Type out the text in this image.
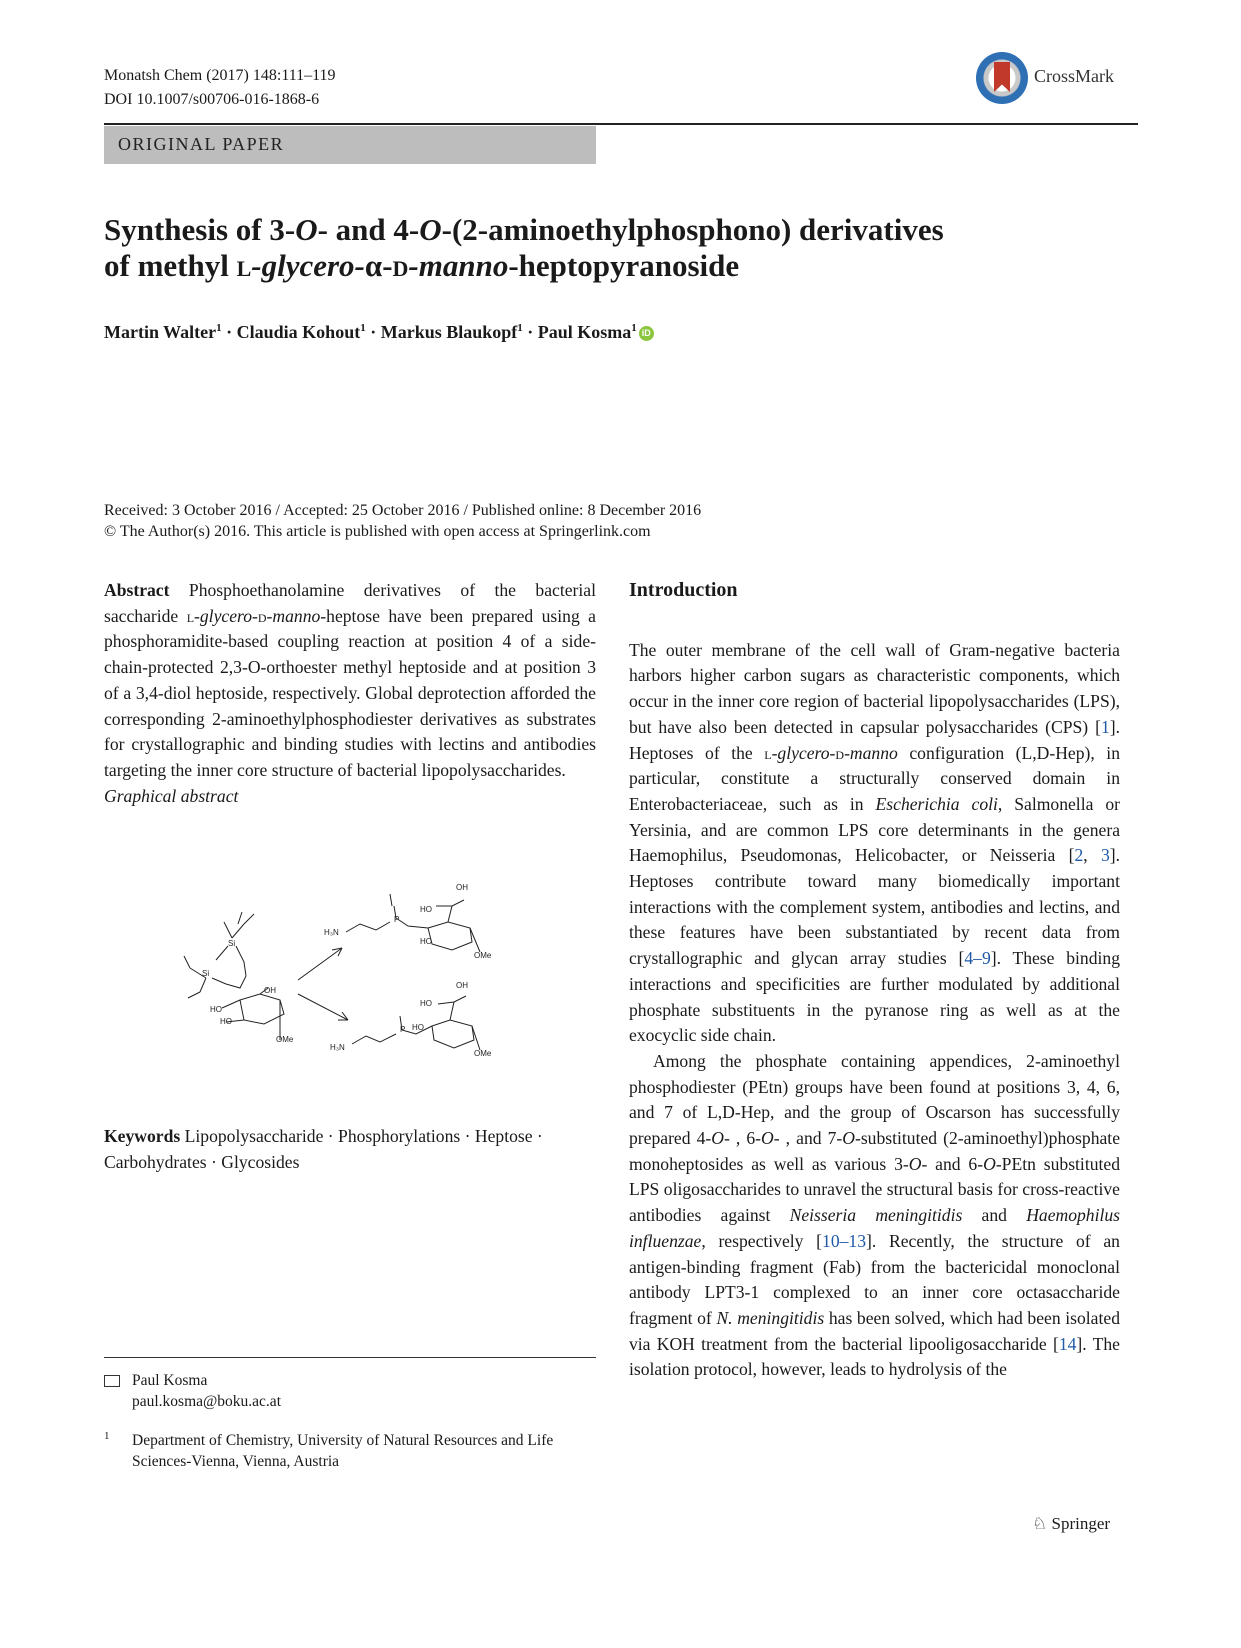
Monatsh Chem (2017) 148:111–119
DOI 10.1007/s00706-016-1868-6
CrossMark
ORIGINAL PAPER
Synthesis of 3-O- and 4-O-(2-aminoethylphosphono) derivatives
of methyl l-glycero-α-d-manno-heptopyranoside
Martin Walter$^1$ · Claudia Kohout$^1$ · Markus Blaukopf$^1$ · Paul Kosma$^1$ iD
Received: 3 October 2016 / Accepted: 25 October 2016 / Published online: 8 December 2016
© The Author(s) 2016. This article is published with open access at Springerlink.com

Abstract Phosphoethanolamine derivatives of the bacterial saccharide l-glycero-d-manno-heptose have been prepared using a phosphoramidite-based coupling reaction at position 4 of a side-chain-protected 2,3-O-orthoester methyl heptoside and at position 3 of a 3,4-diol heptoside, respectively. Global deprotection afforded the corresponding 2-aminoethylphosphodiester derivatives as substrates for crystallographic and binding studies with lectins and antibodies targeting the inner core structure of bacterial lipopolysaccharides.

Graphical abstract

Si
Si
OH
HO
HO
OMe
OH
HO
H₃N
P
HO
OMe
OH
HO
HO
H₃N
P
OMe
Keywords Lipopolysaccharide · Phosphorylations · Heptose · Carbohydrates · Glycosides
Paul Kosma
paul.kosma@boku.ac.at
1 Department of Chemistry, University of Natural Resources and Life Sciences-Vienna, Vienna, Austria
Introduction

The outer membrane of the cell wall of Gram-negative bacteria harbors higher carbon sugars as characteristic components, which occur in the inner core region of bacterial lipopolysaccharides (LPS), but have also been detected in capsular polysaccharides (CPS) [1]. Heptoses of the l-glycero-d-manno configuration (L,D-Hep), in particular, constitute a structurally conserved domain in Enterobacteriaceae, such as in Escherichia coli, Salmonella or Yersinia, and are common LPS core determinants in the genera Haemophilus, Pseudomonas, Helicobacter, or Neisseria [2, 3]. Heptoses contribute toward many biomedically important interactions with the complement system, antibodies and lectins, and these features have been substantiated by recent data from crystallographic and glycan array studies [4–9]. These binding interactions and specificities are further modulated by additional phosphate substituents in the pyranose ring as well as at the exocyclic side chain.

Among the phosphate containing appendices, 2-aminoethyl phosphodiester (PEtn) groups have been found at positions 3, 4, 6, and 7 of L,D-Hep, and the group of Oscarson has successfully prepared 4-O- , 6-O- , and 7-O-substituted (2-aminoethyl)phosphate monoheptosides as well as various 3-O- and 6-O-PEtn substituted LPS oligosaccharides to unravel the structural basis for cross-reactive antibodies against Neisseria meningitidis and Haemophilus influenzae, respectively [10–13]. Recently, the structure of an antigen-binding fragment (Fab) from the bactericidal monoclonal antibody LPT3-1 complexed to an inner core octasaccharide fragment of N. meningitidis has been solved, which had been isolated via KOH treatment from the bacterial lipooligosaccharide [14]. The isolation protocol, however, leads to hydrolysis of the

♘ Springer
